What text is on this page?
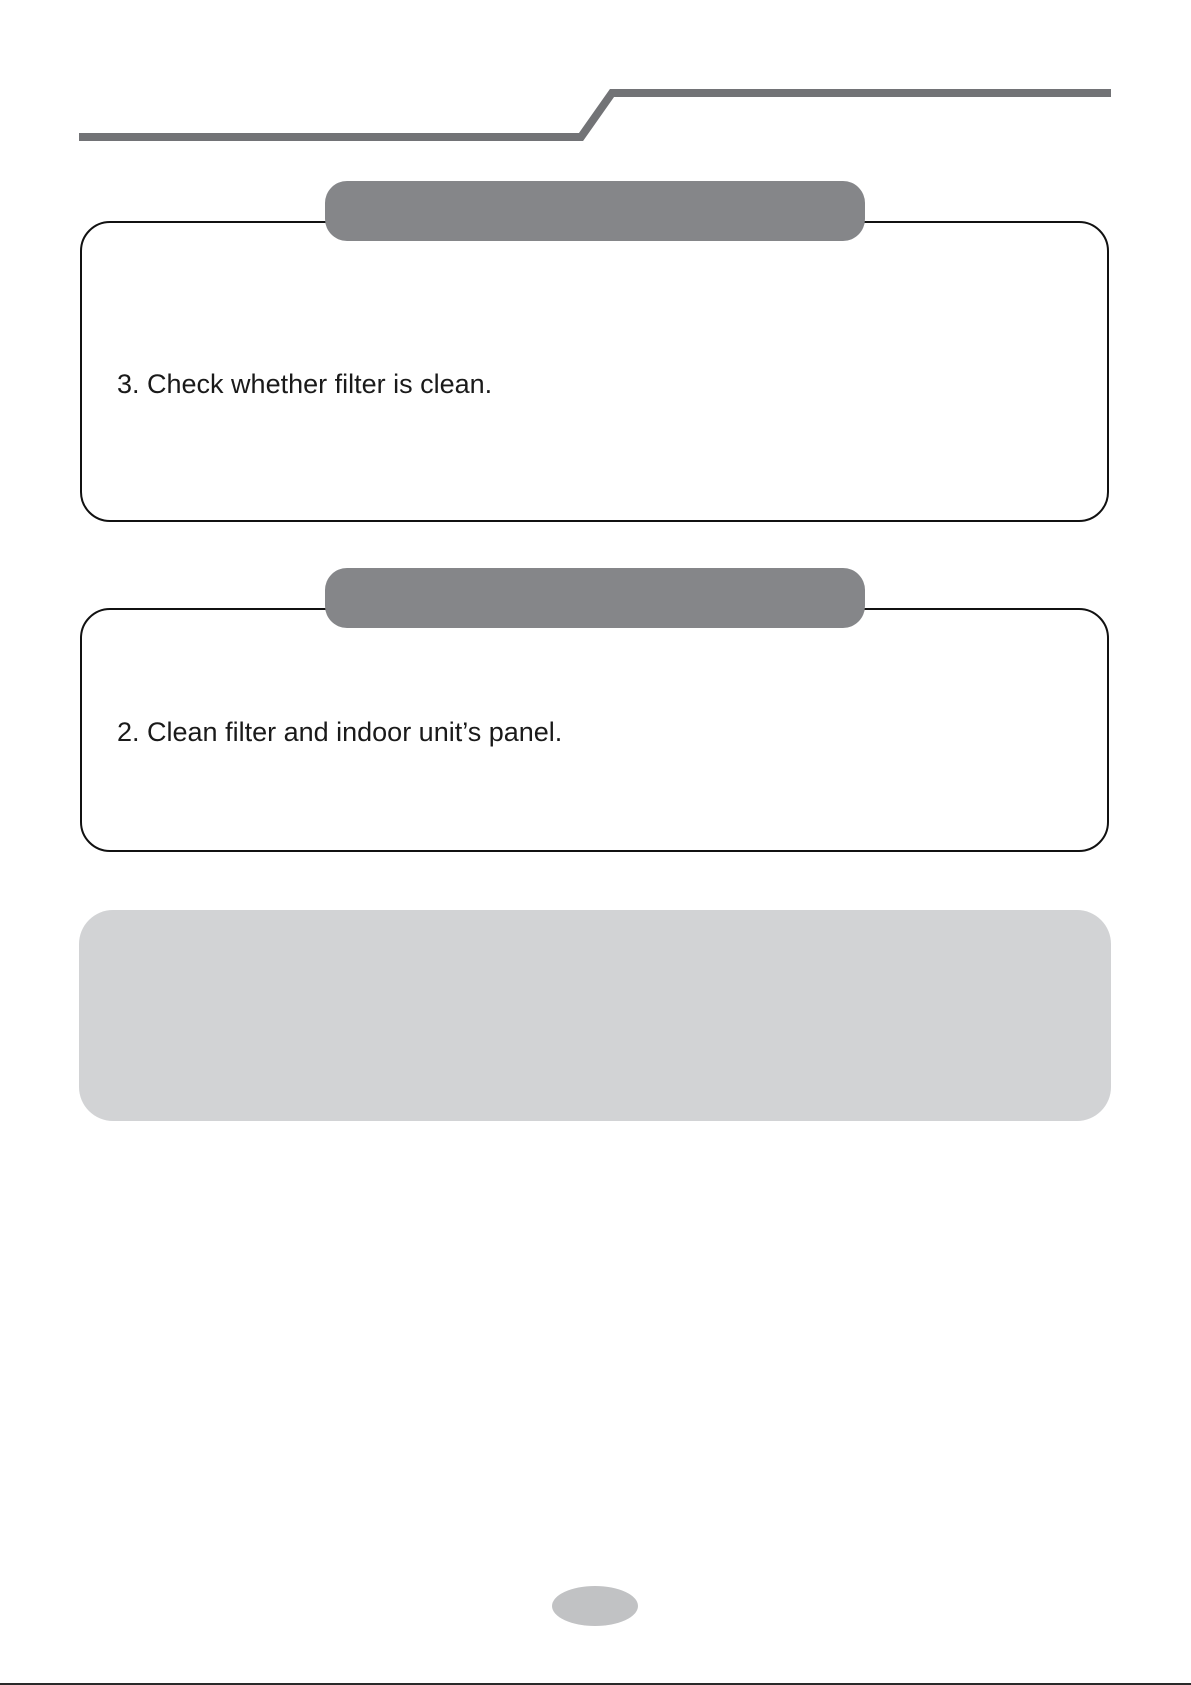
3. Check whether filter is clean.
2. Clean filter and indoor unit’s panel.
